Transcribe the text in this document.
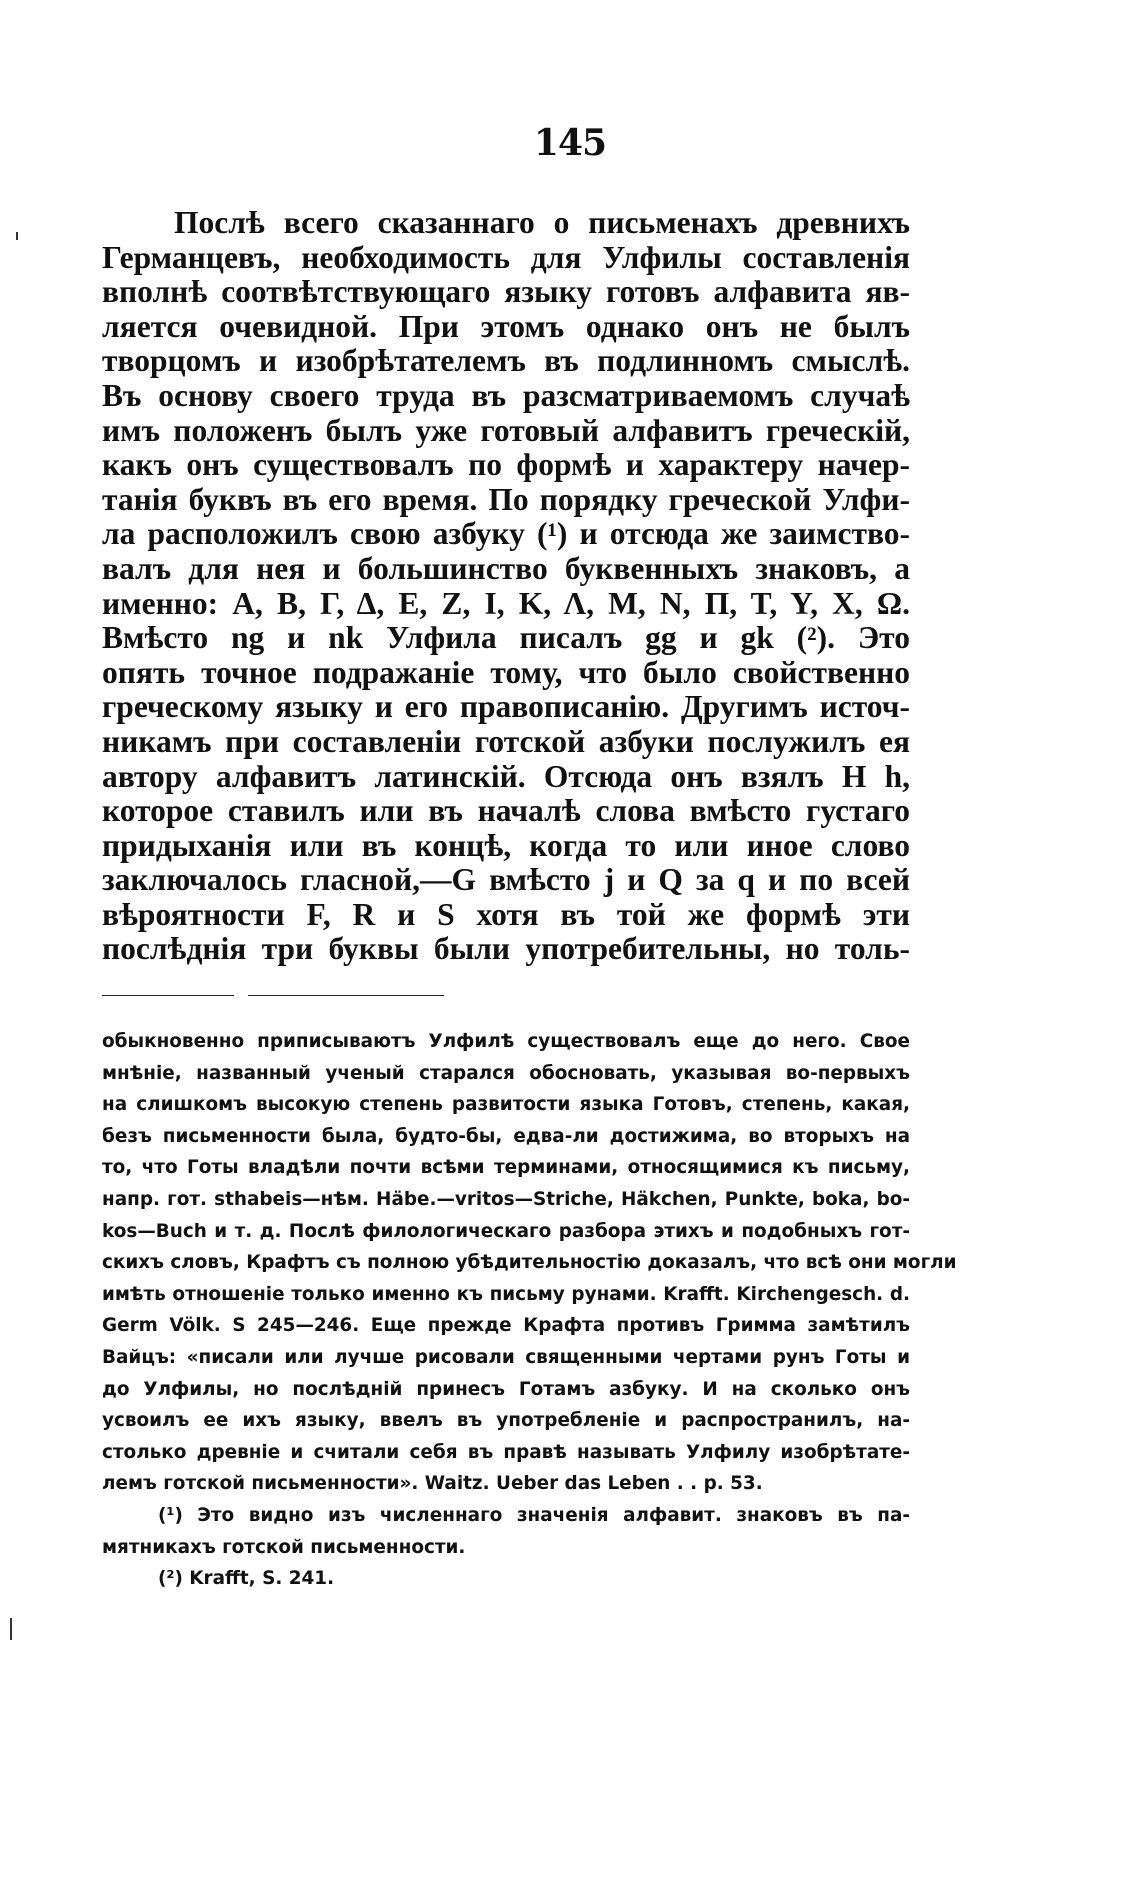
145
Послѣ всего сказаннаго о письменахъ древнихъ
Германцевъ, необходимость для Улфилы составленія
вполнѣ соотвѣтствующаго языку готовъ алфавита яв-
ляется очевидной. При этомъ однако онъ не былъ
творцомъ и изобрѣтателемъ въ подлинномъ смыслѣ.
Въ основу своего труда въ разсматриваемомъ случаѣ
имъ положенъ былъ уже готовый алфавитъ греческій,
какъ онъ существовалъ по формѣ и характеру начер-
танія буквъ въ его время. По порядку греческой Улфи-
ла расположилъ свою азбуку (¹) и отсюда же заимство-
валъ для нея и большинство буквенныхъ знаковъ, а
именно: Α, Β, Γ, Δ, Ε, Ζ, Ι, Κ, Λ, Μ, Ν, Π, Τ, Υ, Χ, Ω.
Вмѣсто ng и nk Улфила писалъ gg и gk (²). Это
опять точное подражаніе тому, что было свойственно
греческому языку и его правописанію. Другимъ источ-
никамъ при составленіи готской азбуки послужилъ ея
автору алфавитъ латинскій. Отсюда онъ взялъ H h,
которое ставилъ или въ началѣ слова вмѣсто густаго
придыханія или въ концѣ, когда то или иное слово
заключалось гласной,—G вмѣсто j и Q за q и по всей
вѣроятности F, R и S хотя въ той же формѣ эти
послѣднія три буквы были употребительны, но толь-
обыкновенно приписываютъ Улфилѣ существовалъ еще до него. Свое
мнѣніе, названный ученый старался обосновать, указывая во-первыхъ
на слишкомъ высокую степень развитости языка Готовъ, степень, какая,
безъ письменности была, будто-бы, едва-ли достижима, во вторыхъ на
то, что Готы владѣли почти всѣми терминами, относящимися къ письму,
напр. гот. sthabeis—нѣм. Häbe.—vritos—Striche, Häkchen, Punkte, boka, bo-
kos—Buch и т. д. Послѣ филологическаго разбора этихъ и подобныхъ гот-
скихъ словъ, Крафтъ съ полною убѣдительностію доказалъ, что всѣ они могли
имѣть отношеніе только именно къ письму рунами. Krafft. Kirchengesch. d.
Germ Völk. S 245—246. Еще прежде Крафта противъ Гримма замѣтилъ
Вайцъ: «писали или лучше рисовали священными чертами рунъ Готы и
до Улфилы, но послѣдній принесъ Готамъ азбуку. И на сколько онъ
усвоилъ ее ихъ языку, ввелъ въ употребленіе и распространилъ, на-
столько древніе и считали себя въ правѣ называть Улфилу изобрѣтате-
лемъ готской письменности». Waitz. Ueber das Leben . . p. 53.
(¹) Это видно изъ численнаго значенія алфавит. знаковъ въ па-
мятникахъ готской письменности.
(²) Krafft, S. 241.
